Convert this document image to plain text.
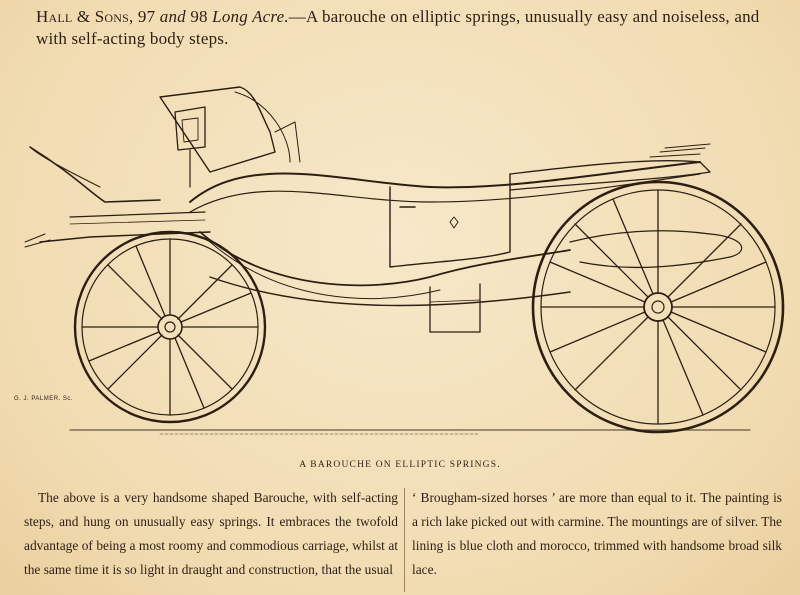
Hall & Sons, 97 and 98 Long Acre.—A barouche on elliptic springs, unusually easy and noiseless, and with self-acting body steps.
G. J. PALMER. Sc.
A BAROUCHE ON ELLIPTIC SPRINGS.

The above is a very handsome shaped Barouche, with self-acting steps, and hung on unusually easy springs. It embraces the twofold advantage of being a most roomy and commodious carriage, whilst at the same time it is so light in draught and construction, that the usual

‘ Brougham-sized horses ’ are more than equal to it. The painting is a rich lake picked out with carmine. The mountings are of silver. The lining is blue cloth and morocco, trimmed with handsome broad silk lace.
